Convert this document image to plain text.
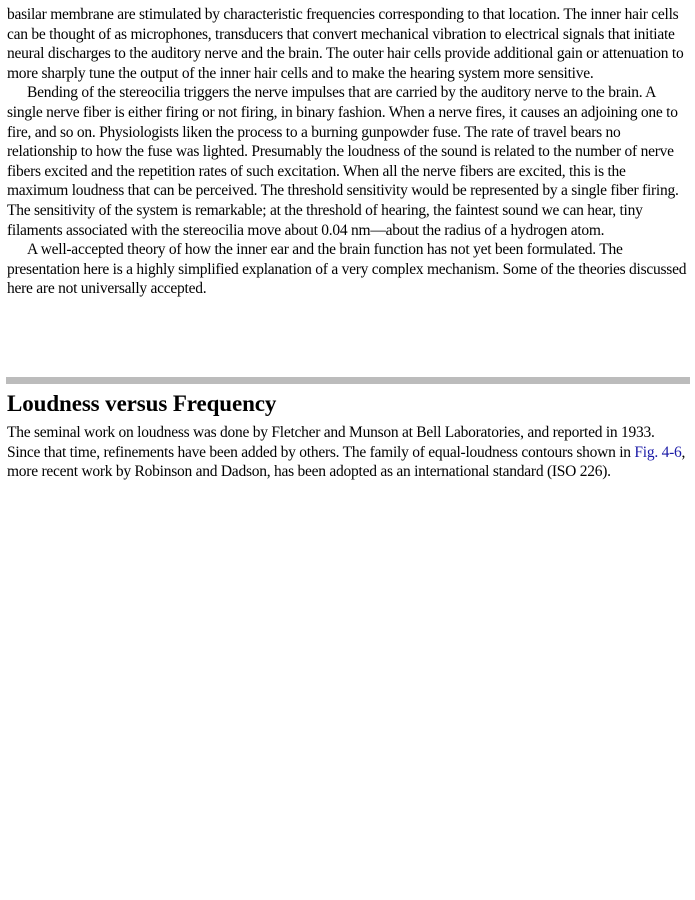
basilar membrane are stimulated by characteristic frequencies corresponding to that location. The inner hair cells can be thought of as microphones, transducers that convert mechanical vibration to electrical signals that initiate neural discharges to the auditory nerve and the brain. The outer hair cells provide additional gain or attenuation to more sharply tune the output of the inner hair cells and to make the hearing system more sensitive.

Bending of the stereocilia triggers the nerve impulses that are carried by the auditory nerve to the brain. A single nerve fiber is either firing or not firing, in binary fashion. When a nerve fires, it causes an adjoining one to fire, and so on. Physiologists liken the process to a burning gunpowder fuse. The rate of travel bears no relationship to how the fuse was lighted. Presumably the loudness of the sound is related to the number of nerve fibers excited and the repetition rates of such excitation. When all the nerve fibers are excited, this is the maximum loudness that can be perceived. The threshold sensitivity would be represented by a single fiber firing. The sensitivity of the system is remarkable; at the threshold of hearing, the faintest sound we can hear, tiny filaments associated with the stereocilia move about 0.04 nm—about the radius of a hydrogen atom.

A well-accepted theory of how the inner ear and the brain function has not yet been formulated. The presentation here is a highly simplified explanation of a very complex mechanism. Some of the theories discussed here are not universally accepted.

Loudness versus Frequency

The seminal work on loudness was done by Fletcher and Munson at Bell Laboratories, and reported in 1933. Since that time, refinements have been added by others. The family of equal-loudness contours shown in Fig. 4-6, more recent work by Robinson and Dadson, has been adopted as an international standard (ISO 226).
